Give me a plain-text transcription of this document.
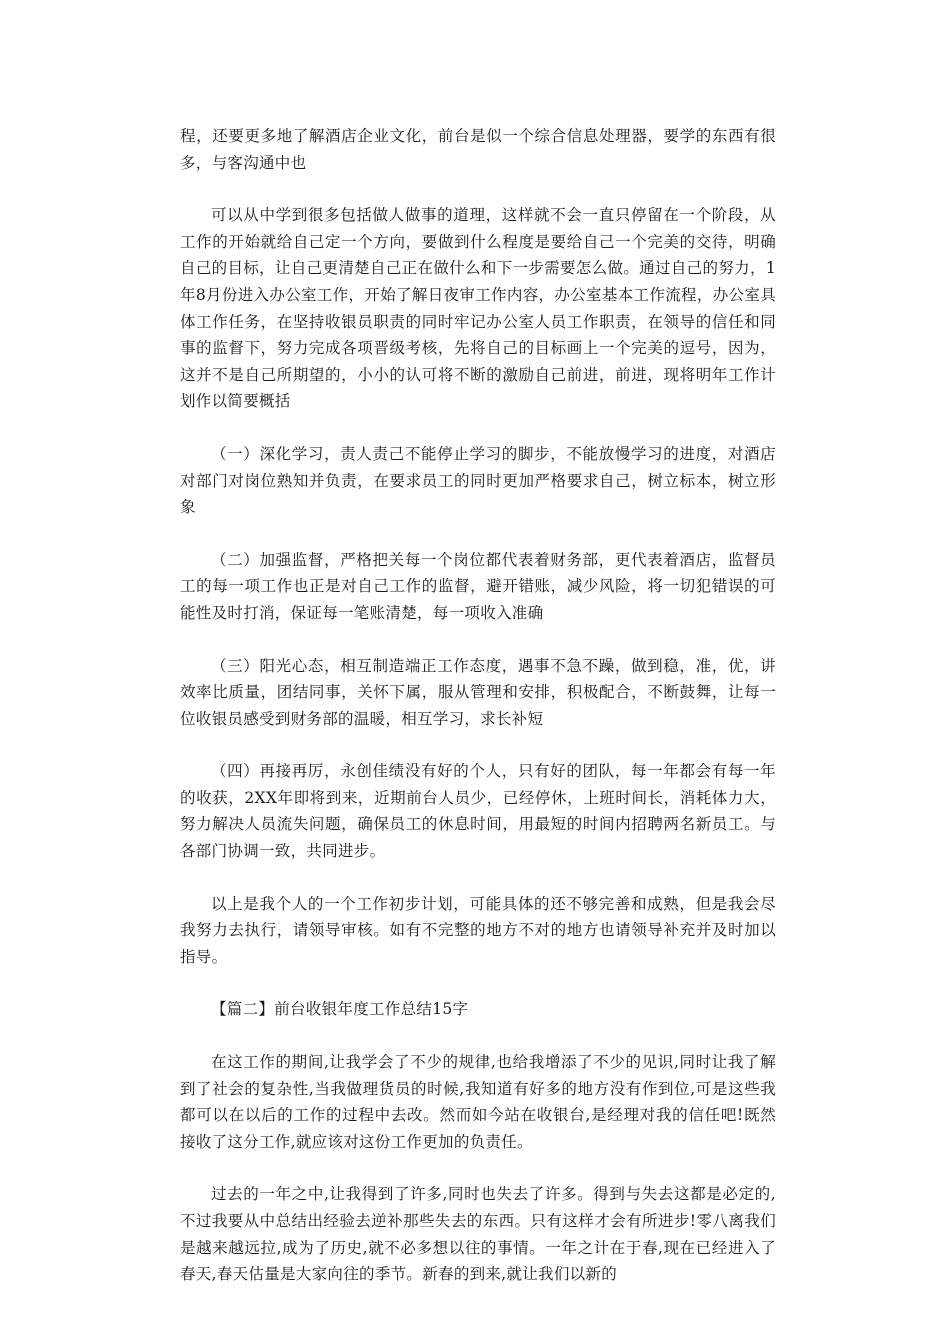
程，还要更多地了解酒店企业文化，前台是似一个综合信息处理器，要学的东西有很多，与客沟通中也

可以从中学到很多包括做人做事的道理，这样就不会一直只停留在一个阶段，从工作的开始就给自己定一个方向，要做到什么程度是要给自己一个完美的交待，明确自己的目标，让自己更清楚自己正在做什么和下一步需要怎么做。通过自己的努力，1年8月份进入办公室工作，开始了解日夜审工作内容，办公室基本工作流程，办公室具体工作任务，在坚持收银员职责的同时牢记办公室人员工作职责，在领导的信任和同事的监督下，努力完成各项晋级考核，先将自己的目标画上一个完美的逗号，因为，这并不是自己所期望的，小小的认可将不断的激励自己前进，前进，现将明年工作计划作以简要概括

（一）深化学习，责人责己不能停止学习的脚步，不能放慢学习的进度，对酒店对部门对岗位熟知并负责，在要求员工的同时更加严格要求自己，树立标本，树立形象

（二）加强监督，严格把关每一个岗位都代表着财务部，更代表着酒店，监督员工的每一项工作也正是对自己工作的监督，避开错账，减少风险，将一切犯错误的可能性及时打消，保证每一笔账清楚，每一项收入准确

（三）阳光心态，相互制造端正工作态度，遇事不急不躁，做到稳，准，优，讲效率比质量，团结同事，关怀下属，服从管理和安排，积极配合，不断鼓舞，让每一位收银员感受到财务部的温暖，相互学习，求长补短

（四）再接再厉，永创佳绩没有好的个人，只有好的团队，每一年都会有每一年的收获，2XX年即将到来，近期前台人员少，已经停休，上班时间长，消耗体力大，努力解决人员流失问题，确保员工的休息时间，用最短的时间内招聘两名新员工。与各部门协调一致，共同进步。

以上是我个人的一个工作初步计划，可能具体的还不够完善和成熟，但是我会尽我努力去执行，请领导审核。如有不完整的地方不对的地方也请领导补充并及时加以指导。

【篇二】前台收银年度工作总结15字

在这工作的期间,让我学会了不少的规律,也给我增添了不少的见识,同时让我了解到了社会的复杂性,当我做理货员的时候,我知道有好多的地方没有作到位,可是这些我都可以在以后的工作的过程中去改。然而如今站在收银台,是经理对我的信任吧!既然接收了这分工作,就应该对这份工作更加的负责任。

过去的一年之中,让我得到了许多,同时也失去了许多。得到与失去这都是必定的,不过我要从中总结出经验去逆补那些失去的东西。只有这样才会有所进步!零八离我们是越来越远拉,成为了历史,就不必多想以往的事情。一年之计在于春,现在已经进入了春天,春天估量是大家向往的季节。新春的到来,就让我们以新的
